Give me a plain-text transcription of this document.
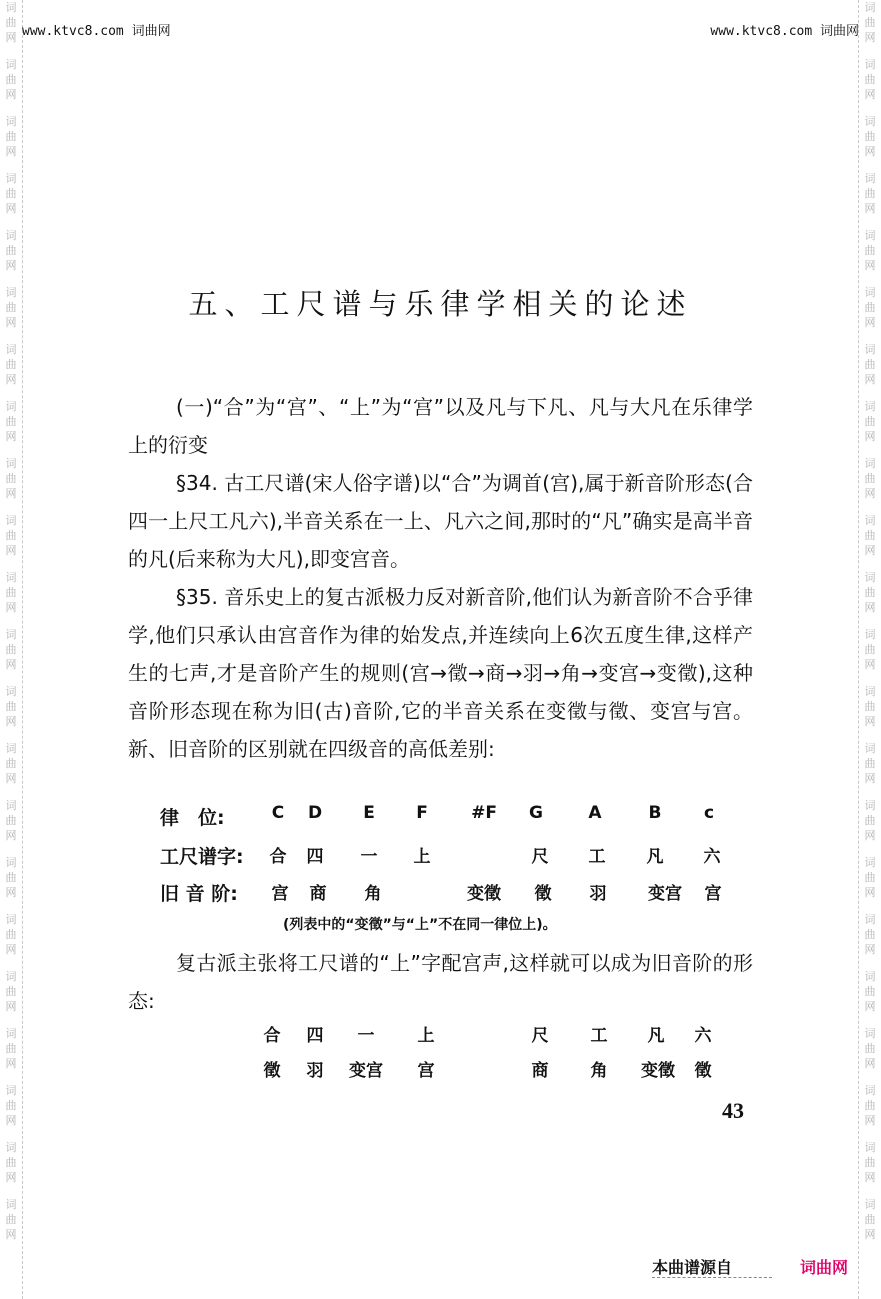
词
曲
网
词
曲
网
词
曲
网
词
曲
网
词
曲
网
词
曲
网
词
曲
网
词
曲
网
词
曲
网
词
曲
网
词
曲
网
词
曲
网
词
曲
网
词
曲
网
词
曲
网
词
曲
网
词
曲
网
词
曲
网
词
曲
网
词
曲
网
词
曲
网
词
曲
网
词
曲
网
词
曲
网
词
曲
网
词
曲
网
词
曲
网
词
曲
网
词
曲
网
词
曲
网
词
曲
网
词
曲
网
词
曲
网
词
曲
网
词
曲
网
词
曲
网
词
曲
网
词
曲
网
词
曲
网
词
曲
网
词
曲
网
词
曲
网
词
曲
网
词
曲
网
www.ktvc8.com 词曲网	www.ktvc8.com 词曲网
五、工尺谱与乐律学相关的论述
(一)“合”为“宫”、“上”为“宫”以及凡与下凡、凡与大凡在乐律学上的衍变
§34. 古工尺谱(宋人俗字谱)以“合”为调首(宫),属于新音阶形态(合四一上尺工凡六),半音关系在一上、凡六之间,那时的“凡”确实是高半音的凡(后来称为大凡),即变宫音。
§35. 音乐史上的复古派极力反对新音阶,他们认为新音阶不合乎律学,他们只承认由宫音作为律的始发点,并连续向上6次五度生律,这样产生的七声,才是音阶产生的规则(宫→徵→商→羽→角→变宫→变徵),这种音阶形态现在称为旧(古)音阶,它的半音关系在变徵与徵、变宫与宫。新、旧音阶的区别就在四级音的高低差别:
律　位:	C D E F	#F G	A	B c
工尺谱字: 合 四 一 上	尺 工 凡 六
旧 音 阶: 宫 商 角	变徵 徵 羽 变宫 宫
(列表中的“变徵”与“上”不在同一律位上)。
复古派主张将工尺谱的“上”字配宫声,这样就可以成为旧音阶的形态:
合 四 一	上	尺 工 凡 六
徵 羽 变宫 宫	商 角 变徵 徵
43
本曲谱源自	词曲网
